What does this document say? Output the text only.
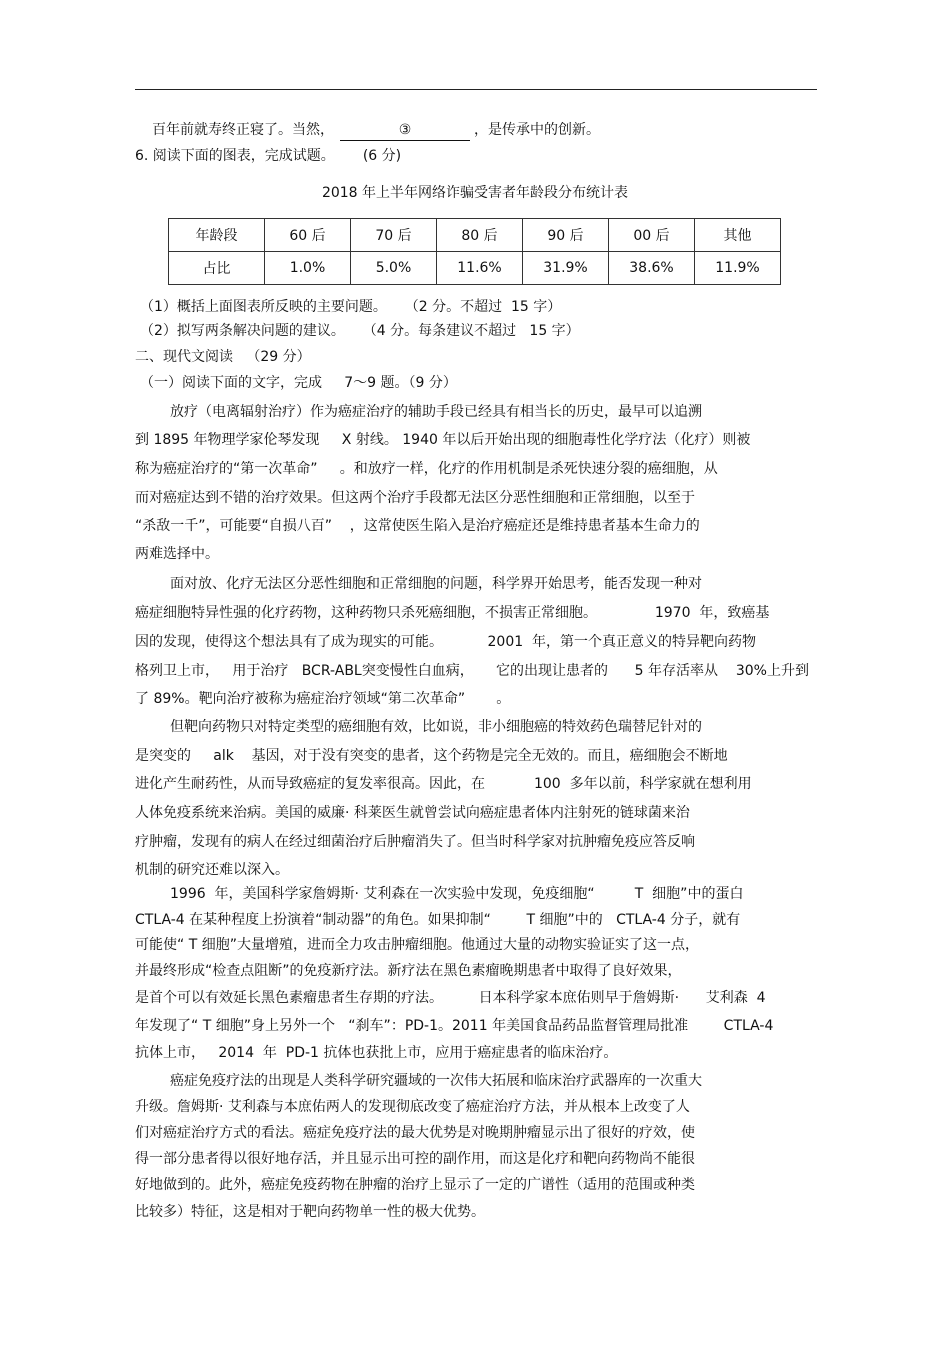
百年前就寿终正寝了。当然，	③	，是传承中的创新。
6. 阅读下面的图表，完成试题。 (6 分)
2018 年上半年网络诈骗受害者年龄段分布统计表
年龄段	60 后	70 后	80 后	90 后	00 后	其他
占比	1.0%	5.0%	11.6%	31.9%	38.6%	11.9%
（1）概括上面图表所反映的主要问题。    （2 分。不超过  15 字）
（2）拟写两条解决问题的建议。    （4 分。每条建议不超过   15 字）
二、现代文阅读   （29 分）
（一）阅读下面的文字，完成     7～9 题。（9 分）
放疗（电离辐射治疗）作为癌症治疗的辅助手段已经具有相当长的历史，最早可以追溯
到 1895 年物理学家伦琴发现     X 射线。 1940 年以后开始出现的细胞毒性化学疗法（化疗）则被
称为癌症治疗的“第一次革命”     。和放疗一样，化疗的作用机制是杀死快速分裂的癌细胞，从
而对癌症达到不错的治疗效果。但这两个治疗手段都无法区分恶性细胞和正常细胞，以至于
“杀敌一千”，可能要“自损八百”    ，这常使医生陷入是治疗癌症还是维持患者基本生命力的
两难选择中。
面对放、化疗无法区分恶性细胞和正常细胞的问题，科学界开始思考，能否发现一种对
癌症细胞特异性强的化疗药物，这种药物只杀死癌细胞，不损害正常细胞。             1970  年，致癌基
因的发现，使得这个想法具有了成为现实的可能。          2001  年，第一个真正意义的特异靶向药物
格列卫上市，   用于治疗   BCR-ABL突变慢性白血病，     它的出现让患者的      5 年存活率从    30%上升到
了 89%。靶向治疗被称为癌症治疗领域“第二次革命”       。
但靶向药物只对特定类型的癌细胞有效，比如说，非小细胞癌的特效药色瑞替尼针对的
是突变的     alk    基因，对于没有突变的患者，这个药物是完全无效的。而且，癌细胞会不断地
进化产生耐药性，从而导致癌症的复发率很高。因此，在           100  多年以前，科学家就在想利用
人体免疫系统来治病。美国的威廉· 科莱医生就曾尝试向癌症患者体内注射死的链球菌来治
疗肿瘤，发现有的病人在经过细菌治疗后肿瘤消失了。但当时科学家对抗肿瘤免疫应答反响
机制的研究还难以深入。
1996  年，美国科学家詹姆斯· 艾利森在一次实验中发现，免疫细胞“         T  细胞”中的蛋白
CTLA-4 在某种程度上扮演着“制动器”的角色。如果抑制“        T 细胞”中的   CTLA-4 分子，就有
可能使“ T 细胞”大量增殖，进而全力攻击肿瘤细胞。他通过大量的动物实验证实了这一点，
并最终形成“检查点阻断”的免疫新疗法。新疗法在黑色素瘤晚期患者中取得了良好效果，
是首个可以有效延长黑色素瘤患者生存期的疗法。        日本科学家本庶佑则早于詹姆斯·      艾利森  4
年发现了“ T 细胞”身上另外一个   “刹车”：PD-1。2011 年美国食品药品监督管理局批准        CTLA-4
抗体上市，   2014  年  PD-1 抗体也获批上市，应用于癌症患者的临床治疗。
癌症免疫疗法的出现是人类科学研究疆域的一次伟大拓展和临床治疗武器库的一次重大
升级。詹姆斯· 艾利森与本庶佑两人的发现彻底改变了癌症治疗方法，并从根本上改变了人
们对癌症治疗方式的看法。癌症免疫疗法的最大优势是对晚期肿瘤显示出了很好的疗效，使
得一部分患者得以很好地存活，并且显示出可控的副作用，而这是化疗和靶向药物尚不能很
好地做到的。此外，癌症免疫药物在肿瘤的治疗上显示了一定的广谱性（适用的范围或种类
比较多）特征，这是相对于靶向药物单一性的极大优势。
